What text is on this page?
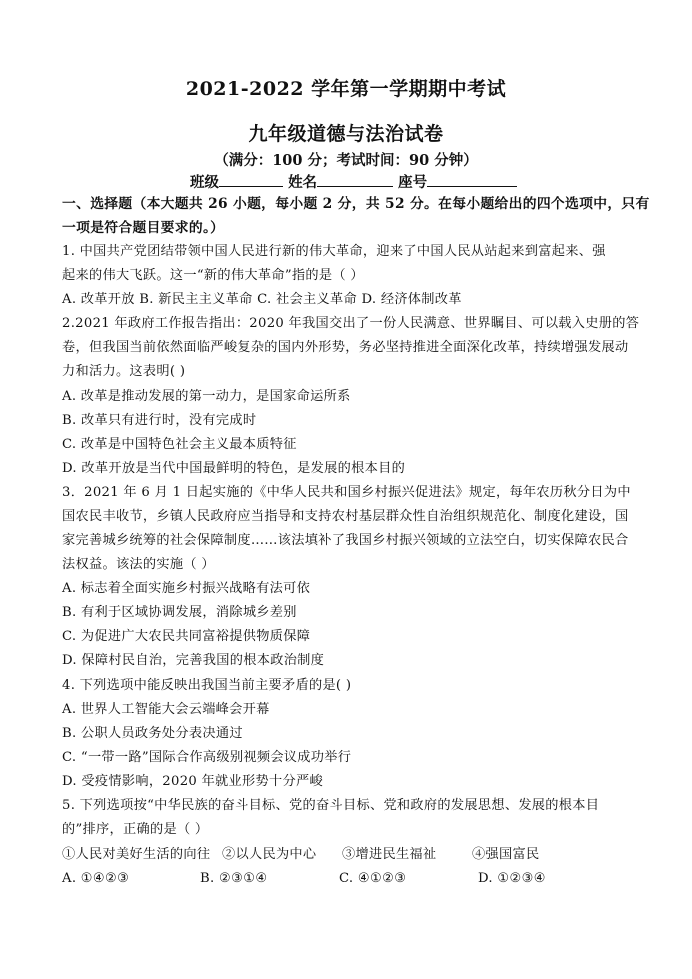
2021-2022 学年第一学期期中考试
九年级道德与法治试卷
（满分：100 分；考试时间：90 分钟）
班级	姓名	座号
一、选择题（本大题共 26 小题，每小题 2 分，共 52 分。在每小题给出的四个选项中，只有
一项是符合题目要求的。）
1. 中国共产党团结带领中国人民进行新的伟大革命，迎来了中国人民从站起来到富起来、强
起来的伟大飞跃。这一“新的伟大革命”指的是（ ）
A. 改革开放 B. 新民主主义革命 C. 社会主义革命 D. 经济体制改革
2.2021 年政府工作报告指出：2020 年我国交出了一份人民满意、世界瞩目、可以载入史册的答
卷，但我国当前依然面临严峻复杂的国内外形势，务必坚持推进全面深化改革，持续增强发展动
力和活力。这表明( )
A. 改革是推动发展的第一动力，是国家命运所系
B. 改革只有进行时，没有完成时
C. 改革是中国特色社会主义最本质特征
D. 改革开放是当代中国最鲜明的特色，是发展的根本目的
3．2021 年 6 月 1 日起实施的《中华人民共和国乡村振兴促进法》规定，每年农历秋分日为中
国农民丰收节，乡镇人民政府应当指导和支持农村基层群众性自治组织规范化、制度化建设，国
家完善城乡统筹的社会保障制度……该法填补了我国乡村振兴领域的立法空白，切实保障农民合
法权益。该法的实施（ ）
A. 标志着全面实施乡村振兴战略有法可依
B. 有利于区域协调发展，消除城乡差别
C. 为促进广大农民共同富裕提供物质保障
D. 保障村民自治，完善我国的根本政治制度
4. 下列选项中能反映出我国当前主要矛盾的是( )
A. 世界人工智能大会云端峰会开幕
B. 公职人员政务处分表决通过
C. “一带一路”国际合作高级别视频会议成功举行
D. 受疫情影响，2020 年就业形势十分严峻
5. 下列选项按“中华民族的奋斗目标、党的奋斗目标、党和政府的发展思想、发展的根本目
的”排序，正确的是（ ）
①人民对美好生活的向往 ②以人民为中心 ③增进民生福祉	④强国富民
A. ①④②③	B. ②③①④	C. ④①②③	D. ①②③④
